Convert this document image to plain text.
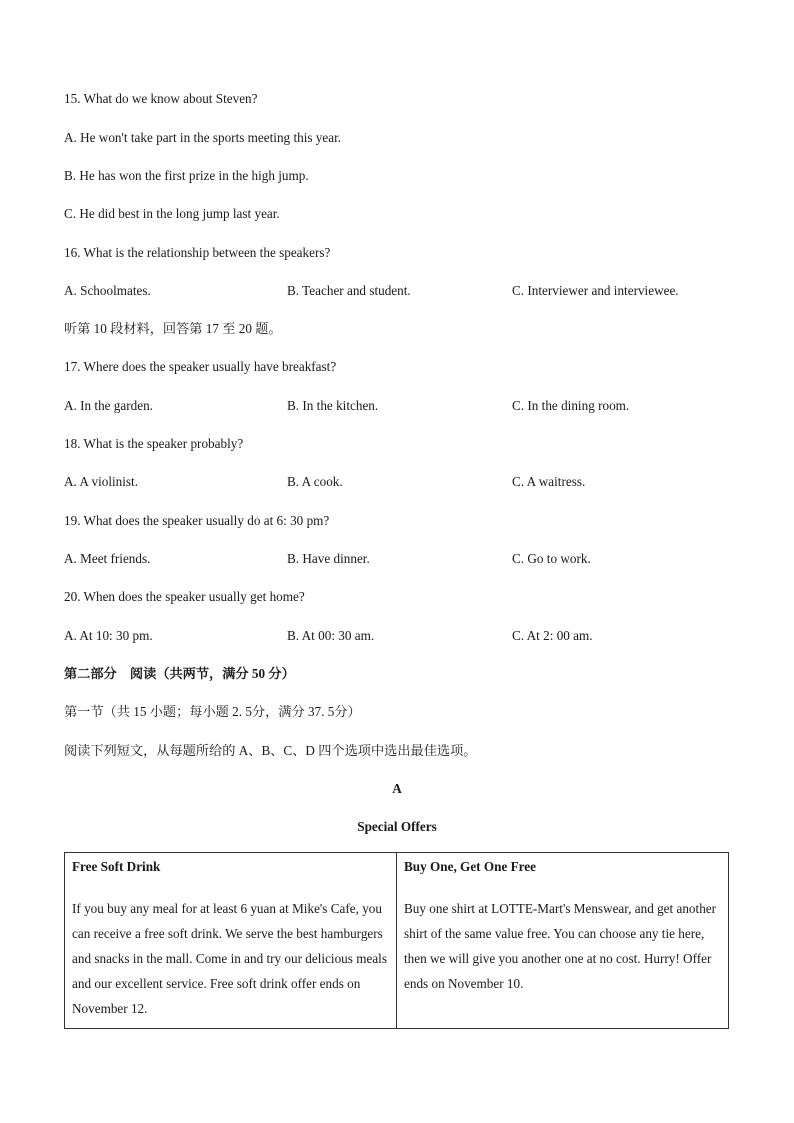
15. What do we know about Steven?
A. He won't take part in the sports meeting this year.
B. He has won the first prize in the high jump.
C. He did best in the long jump last year.
16. What is the relationship between the speakers?
A. Schoolmates.	B. Teacher and student.	C. Interviewer and interviewee.
听第 10 段材料，回答第 17 至 20 题。
17. Where does the speaker usually have breakfast?
A. In the garden.	B. In the kitchen.	C. In the dining room.
18. What is the speaker probably?
A. A violinist.	B. A cook.	C. A waitress.
19. What does the speaker usually do at 6: 30 pm?
A. Meet friends.	B. Have dinner.	C. Go to work.
20. When does the speaker usually get home?
A. At 10: 30 pm.	B. At 00: 30 am.	C. At 2: 00 am.
第二部分　阅读（共两节，满分 50 分）
第一节（共 15 小题；每小题 2. 5分，满分 37. 5分）
阅读下列短文，从每题所给的 A、B、C、D 四个选项中选出最佳选项。
A
Special Offers
Free Soft Drink
If you buy any meal for at least 6 yuan at Mike's Cafe, you can receive a free soft drink. We serve the best hamburgers and snacks in the mall. Come in and try our delicious meals and our excellent service. Free soft drink offer ends on November 12.
Buy One, Get One Free
Buy one shirt at LOTTE-Mart's Menswear, and get another shirt of the same value free. You can choose any tie here, then we will give you another one at no cost. Hurry! Offer ends on November 10.
